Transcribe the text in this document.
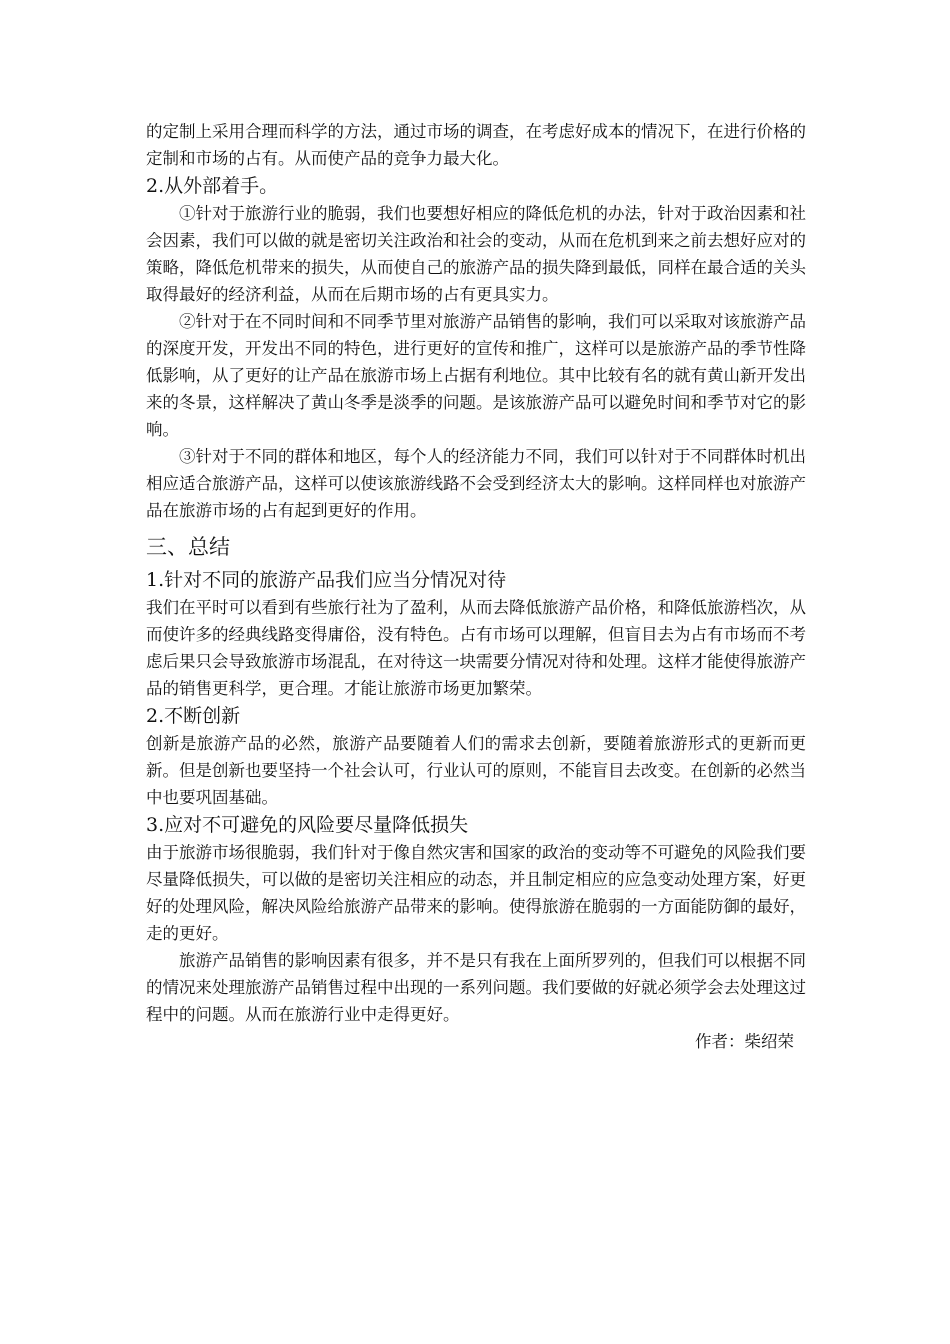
的定制上采用合理而科学的方法，通过市场的调查，在考虑好成本的情况下，在进行价格的定制和市场的占有。从而使产品的竞争力最大化。

2.从外部着手。

①针对于旅游行业的脆弱，我们也要想好相应的降低危机的办法，针对于政治因素和社会因素，我们可以做的就是密切关注政治和社会的变动，从而在危机到来之前去想好应对的策略，降低危机带来的损失，从而使自己的旅游产品的损失降到最低，同样在最合适的关头取得最好的经济利益，从而在后期市场的占有更具实力。

②针对于在不同时间和不同季节里对旅游产品销售的影响，我们可以采取对该旅游产品的深度开发，开发出不同的特色，进行更好的宣传和推广，这样可以是旅游产品的季节性降低影响，从了更好的让产品在旅游市场上占据有利地位。其中比较有名的就有黄山新开发出来的冬景，这样解决了黄山冬季是淡季的问题。是该旅游产品可以避免时间和季节对它的影响。

③针对于不同的群体和地区，每个人的经济能力不同，我们可以针对于不同群体时机出相应适合旅游产品，这样可以使该旅游线路不会受到经济太大的影响。这样同样也对旅游产品在旅游市场的占有起到更好的作用。

三、总结
1.针对不同的旅游产品我们应当分情况对待

我们在平时可以看到有些旅行社为了盈利，从而去降低旅游产品价格，和降低旅游档次，从而使许多的经典线路变得庸俗，没有特色。占有市场可以理解，但盲目去为占有市场而不考虑后果只会导致旅游市场混乱，在对待这一块需要分情况对待和处理。这样才能使得旅游产品的销售更科学，更合理。才能让旅游市场更加繁荣。

2.不断创新

创新是旅游产品的必然，旅游产品要随着人们的需求去创新，要随着旅游形式的更新而更新。但是创新也要坚持一个社会认可，行业认可的原则，不能盲目去改变。在创新的必然当中也要巩固基础。

3.应对不可避免的风险要尽量降低损失

由于旅游市场很脆弱，我们针对于像自然灾害和国家的政治的变动等不可避免的风险我们要尽量降低损失，可以做的是密切关注相应的动态，并且制定相应的应急变动处理方案，好更好的处理风险，解决风险给旅游产品带来的影响。使得旅游在脆弱的一方面能防御的最好，走的更好。

旅游产品销售的影响因素有很多，并不是只有我在上面所罗列的，但我们可以根据不同的情况来处理旅游产品销售过程中出现的一系列问题。我们要做的好就必须学会去处理这过程中的问题。从而在旅游行业中走得更好。

作者：柴绍荣
